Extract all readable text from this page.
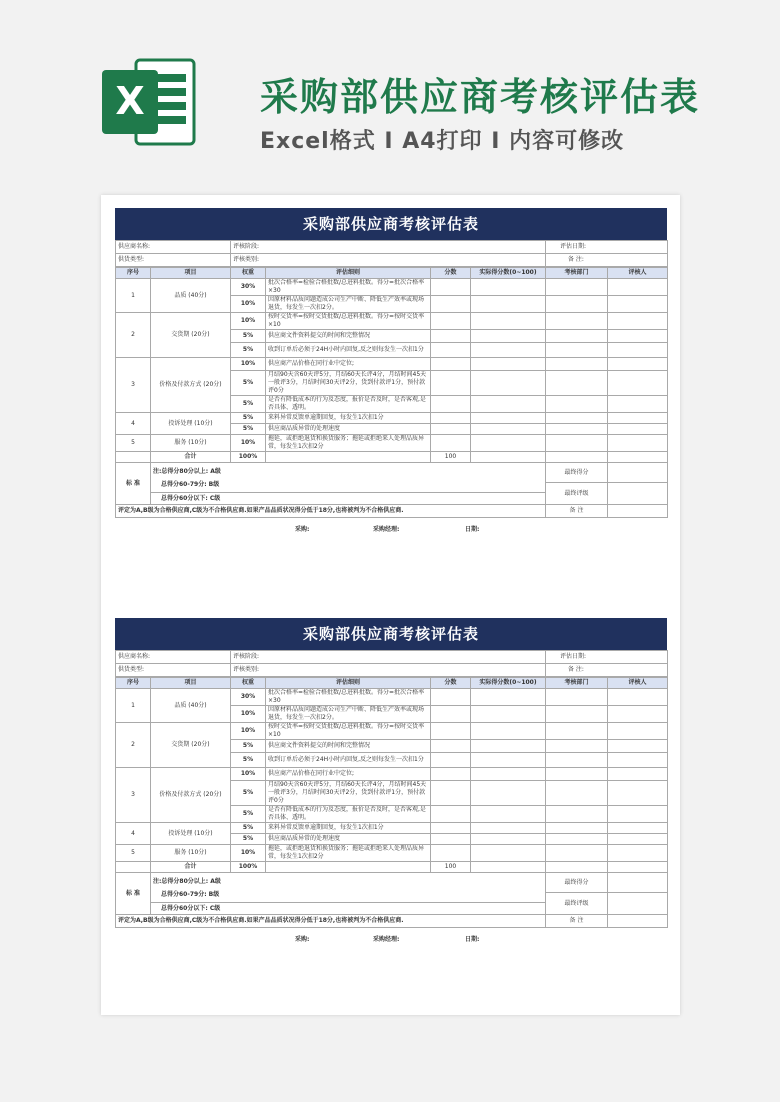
X	采购部供应商考核评估表
Excel格式 I A4打印 I 内容可修改
采购部供应商考核评估表
供应商名称:	评核阶段:	评估日期:
供货类型:	评核类别:	备 注:
序号	项目	权重	评估细则	分数	实际得分数(0~100)	考核部门	评核人
1	品质 (40分)	30%	批次合格率=检验合格批数/总进料批数。得分=批次合格率×30				
		10%	因原材料品质问题造成公司生产中断、降低生产效率或现场退货，每发生一次扣2分。				
2	交货期 (20分)	10%	按时交货率=按时交货批数/总进料批数。得分=按时交货率×10				
		5%	供应商文件资料提交的时间和完整情况				
		5%	收到订单后必须于24H小时内回复,反之则每发生一次扣1分				
3	价格及付款方式 (20分)	10%	供应商产品价格在同行业中定位;				
		5%	月结90天含60天评5分，月结60天长评4分，月结时间45天一般评3分，月结时间30天评2分，货到付款评1分，预付款评0分				
		5%	是否有降低成本的行为及态度，报价是否及时，是否客观,是否具体、透明。				
4	投诉处理 (10分)	5%	来料异常反馈单逾期回复，每发生1次扣1分				
		5%	供应商品质异常的处理速度				
5	服务 (10分)	10%	拖延，或拒绝退货和换货服务；拖延或拒绝来人处理品质异常，每发生1次扣2分				
	合计	100%		100			
标 准	注:总得分80分以上: A级
总得分60-79分: B级					最终得分	
						最终评级	
	总得分60分以下: C级						
评定为A,B级为合格供应商,C级为不合格供应商.如果产品品质状况得分低于18分,也将被判为不合格供应商.						备 注	
采购:	采购经理:	日期:
采购部供应商考核评估表
供应商名称:	评核阶段:	评估日期:
供货类型:	评核类别:	备 注:
序号	项目	权重	评估细则	分数	实际得分数(0~100)	考核部门	评核人
1	品质 (40分)	30%	批次合格率=检验合格批数/总进料批数。得分=批次合格率×30				
		10%	因原材料品质问题造成公司生产中断、降低生产效率或现场退货，每发生一次扣2分。				
2	交货期 (20分)	10%	按时交货率=按时交货批数/总进料批数。得分=按时交货率×10				
		5%	供应商文件资料提交的时间和完整情况				
		5%	收到订单后必须于24H小时内回复,反之则每发生一次扣1分				
3	价格及付款方式 (20分)	10%	供应商产品价格在同行业中定位;				
		5%	月结90天含60天评5分，月结60天长评4分，月结时间45天一般评3分，月结时间30天评2分，货到付款评1分，预付款评0分				
		5%	是否有降低成本的行为及态度，报价是否及时，是否客观,是否具体、透明。				
4	投诉处理 (10分)	5%	来料异常反馈单逾期回复，每发生1次扣1分				
		5%	供应商品质异常的处理速度				
5	服务 (10分)	10%	拖延，或拒绝退货和换货服务；拖延或拒绝来人处理品质异常，每发生1次扣2分				
	合计	100%		100			
标 准	注:总得分80分以上: A级
总得分60-79分: B级					最终得分	
						最终评级	
	总得分60分以下: C级						
评定为A,B级为合格供应商,C级为不合格供应商.如果产品品质状况得分低于18分,也将被判为不合格供应商.						备 注	
采购:	采购经理:	日期:
